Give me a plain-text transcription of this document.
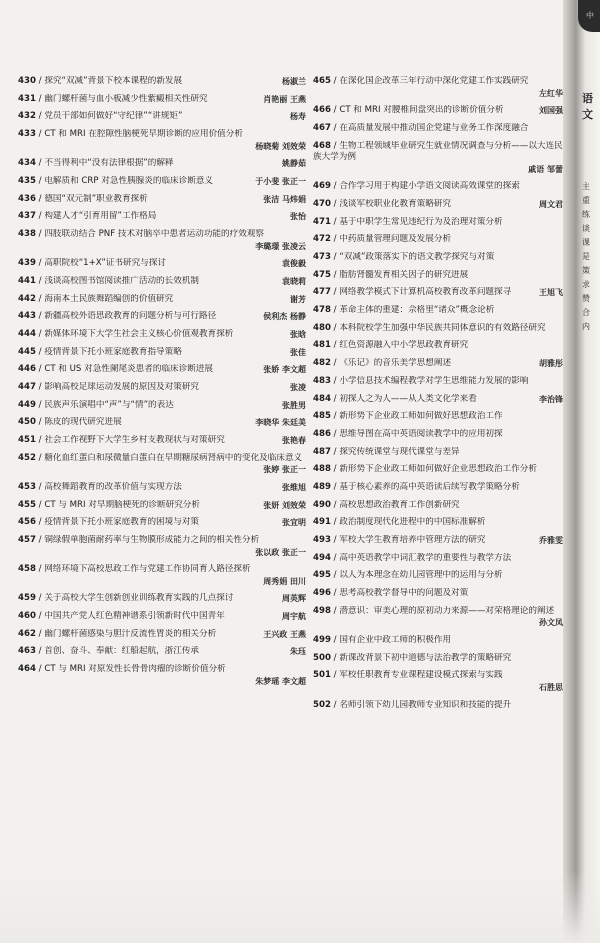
430 / 探究“双减”背景下校本课程的新发展	杨淑兰
431 / 幽门螺杆菌与血小板减少性紫癜相关性研究	肖艳丽 王燕
432 / 党员干部如何做好“守纪律”“讲规矩”	杨寿
433 / CT 和 MRI 在腔隙性脑梗死早期诊断的应用价值分析
杨晓菊 刘效荣
434 / 不当得利中“没有法律根据”的解释	姚静茹
435 / 电解质和 CRP 对急性胰腺炎的临床诊断意义	于小斐 张正一
436 / 德国“双元制”职业教育探析	张洁 马炜娟
437 / 构建人才“引育用留”工作格局	张怡
438 / 四肢联动结合 PNF 技术对脑卒中患者运动功能的疗效观察
李璐璟 张凌云
439 / 高职院校“1+X”证书研究与探讨	袁俊毅
441 / 浅谈高校图书馆阅读推广活动的长效机制	袁晓莉
442 / 海南本土民族舞蹈编创的价值研究	谢芳
443 / 新疆高校外语思政教育的问题分析与可行路径	侯利杰 杨静
444 / 新媒体环境下大学生社会主义核心价值观教育探析	张晗
445 / 疫情背景下托小班家庭教育指导策略	张佳
446 / CT 和 US 对急性阑尾炎患者的临床诊断进展	张娇 李文超
447 / 影响高校足球运动发展的原因及对策研究	张凌
449 / 民族声乐演唱中“声”与“情”的表达	张胜男
450 / 陈皮的现代研究进展	李晓华 朱廷美
451 / 社会工作视野下大学生乡村支教现状与对策研究	张艳春
452 / 糖化血红蛋白和尿微量白蛋白在早期糖尿病肾病中的变化及临床意义
张婷 张正一
453 / 高校舞蹈教育的改革价值与实现方法	张维旭
455 / CT 与 MRI 对早期脑梗死的诊断研究分析	张妍 刘效荣
456 / 疫情背景下托小班家庭教育的困境与对策	张宜明
457 / 铜绿假单胞菌耐药率与生物膜形成能力之间的相关性分析
张以政 张正一
458 / 网络环境下高校思政工作与党建工作协同育人路径探析
周秀娟 田川
459 / 关于高校大学生创新创业训练教育实践的几点探讨	周英辉
460 / 中国共产党人红色精神谱系引领新时代中国青年	周宇航
462 / 幽门螺杆菌感染与胆汁反流性胃炎的相关分析	王兴政 王燕
463 / 首创、奋斗、奉献：红船起航，浙江传承	朱珏
464 / CT 与 MRI 对原发性长骨骨肉瘤的诊断价值分析
朱梦瑶 李文超
465 / 在深化国企改革三年行动中深化党建工作实践研究
左红华
466 / CT 和 MRI 对腰椎间盘突出的诊断价值分析	刘国强
467 / 在高质量发展中推动国企党建与业务工作深度融合
468 / 生物工程领域毕业研究生就业情况调查与分析——以大连民族大学为例
戚语 邹蕾
469 / 合作学习用于构建小学语文阅读高效课堂的探索
470 / 浅谈军校职业化教育策略研究	周文君
471 / 基于中职学生常见违纪行为及治理对策分析
472 / 中药质量管理问题及发展分析
473 / “双减”政策落实下的语文教学探究与对策
475 / 脂肪肾髓发育相关因子的研究进展
477 / 网络教学模式下计算机高校教育改革问题探寻	王旭飞
478 / 革命主体的重建：佘格里“诸众”概念论析
480 / 本科院校学生加强中华民族共同体意识的有效路径研究
481 / 红色资源融入中小学思政教育研究
482 / 《乐记》的音乐美学思想阐述	胡雅彤
483 / 小学信息技术编程教学对学生思维能力发展的影响
484 / 初探人之为人——从人类文化学来看	李治锋
485 / 新形势下企业政工师如何做好思想政治工作
486 / 思维导图在高中英语阅读教学中的应用初探
487 / 探究传统课堂与现代课堂与差异
488 / 新形势下企业政工师如何做好企业思想政治工作分析
489 / 基于核心素养的高中英语读后续写教学策略分析
490 / 高校思想政治教育工作创新研究
491 / 政治制度现代化进程中的中国标准解析
493 / 军校大学生教育培养中管理方法的研究	乔雅雯
494 / 高中英语教学中词汇教学的重要性与教学方法
495 / 以人为本理念在幼儿园管理中的运用与分析
496 / 思考高校教学督导中的问题及对策
498 / 潜意识：审美心理的原初动力来源——对荣格理论的阐述
孙文凤
499 / 国有企业中政工师的积极作用
500 / 新课改背景下初中道德与法治教学的策略研究
501 / 军校任职教育专业课程建设模式探索与实践
石胜思
502 / 名师引领下幼儿园教师专业知识和技能的提升
中
语文
主
重
练
谈
课
是
策
求
赞
合
内
